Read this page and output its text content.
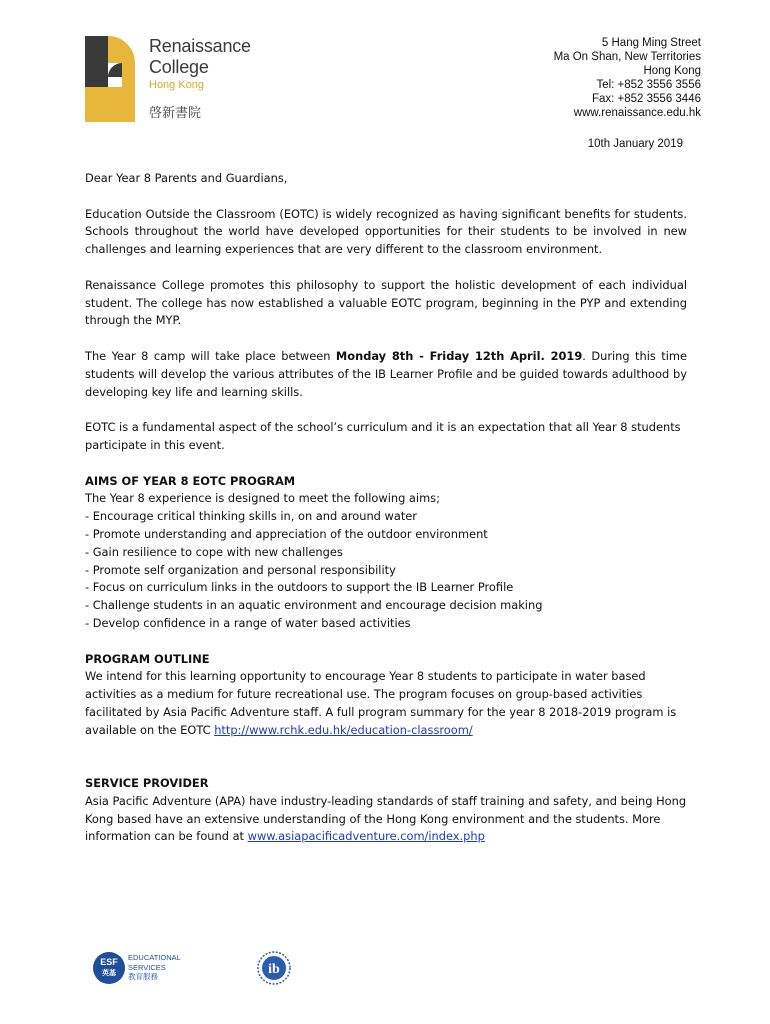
Renaissance
College
Hong Kong
啓新書院
5 Hang Ming Street
Ma On Shan, New Territories
Hong Kong
Tel: +852 3556 3556
Fax: +852 3556 3446
www.renaissance.edu.hk
10th January 2019

Dear Year 8 Parents and Guardians,

Education Outside the Classroom (EOTC) is widely recognized as having significant benefits for students. Schools throughout the world have developed opportunities for their students to be involved in new challenges and learning experiences that are very different to the classroom environment.

Renaissance College promotes this philosophy to support the holistic development of each individual student. The college has now established a valuable EOTC program, beginning in the PYP and extending through the MYP.

The Year 8 camp will take place between Monday 8th - Friday 12th April. 2019. During this time students will develop the various attributes of the IB Learner Profile and be guided towards adulthood by developing key life and learning skills.

EOTC is a fundamental aspect of the school’s curriculum and it is an expectation that all Year 8 students participate in this event.

AIMS OF YEAR 8 EOTC PROGRAM
The Year 8 experience is designed to meet the following aims;
- Encourage critical thinking skills in, on and around water
- Promote understanding and appreciation of the outdoor environment
- Gain resilience to cope with new challenges
- Promote self organization and personal responsibility
- Focus on curriculum links in the outdoors to support the IB Learner Profile
- Challenge students in an aquatic environment and encourage decision making
- Develop confidence in a range of water based activities
PROGRAM OUTLINE
We intend for this learning opportunity to encourage Year 8 students to participate in water based activities as a medium for future recreational use. The program focuses on group-based activities facilitated by Asia Pacific Adventure staff. A full program summary for the year 8 2018-2019 program is available on the EOTC http://www.rchk.edu.hk/education-classroom/
SERVICE PROVIDER
Asia Pacific Adventure (APA) have industry-leading standards of staff training and safety, and being Hong Kong based have an extensive understanding of the Hong Kong environment and the students. More information can be found at www.asiapacificadventure.com/index.php
ESF
英基
EDUCATIONAL
SERVICES
教育服務	ib
